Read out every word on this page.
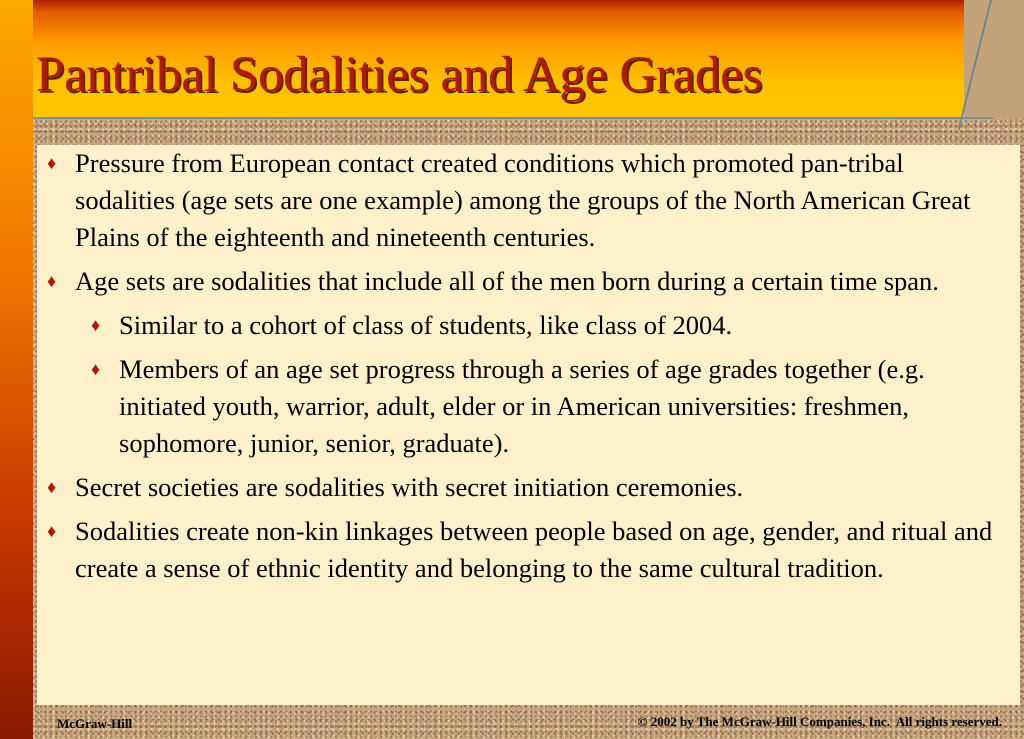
Pantribal Sodalities and Age Grades
♦ Pressure from European contact created conditions which promoted pan-tribal sodalities (age sets are one example) among the groups of the North American Great Plains of the eighteenth and nineteenth centuries.
♦ Age sets are sodalities that include all of the men born during a certain time span.
♦ Similar to a cohort of class of students, like class of 2004.
♦ Members of an age set progress through a series of age grades together (e.g. initiated youth, warrior, adult, elder or in American universities: freshmen, sophomore, junior, senior, graduate).
♦ Secret societies are sodalities with secret initiation ceremonies.
♦ Sodalities create non-kin linkages between people based on age, gender, and ritual and create a sense of ethnic identity and belonging to the same cultural tradition.
McGraw-Hill	© 2002 by The McGraw-Hill Companies, Inc.  All rights reserved.
